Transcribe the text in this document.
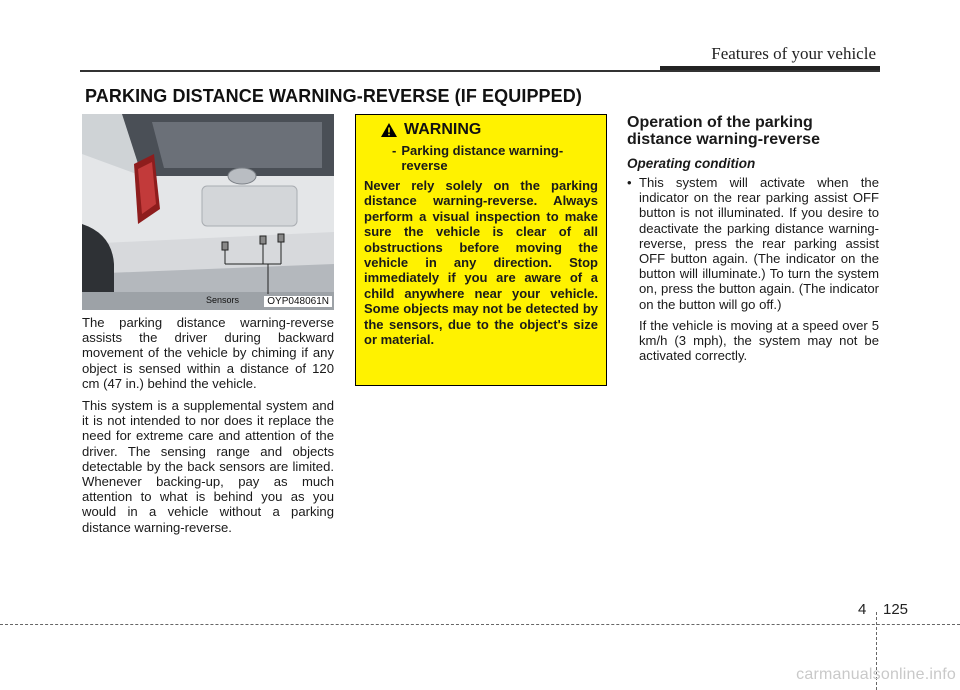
Features of your vehicle
PARKING DISTANCE WARNING-REVERSE (IF EQUIPPED)
Sensors	OYP048061N

The parking distance warning-reverse assists the driver during backward movement of the vehicle by chiming if any object is sensed within a distance of 120 cm (47 in.) behind the vehicle.

This system is a supplemental system and it is not intended to nor does it replace the need for extreme care and attention of the driver. The sensing range and objects detectable by the back sensors are limited. Whenever backing-up, pay as much attention to what is behind you as you would in a vehicle without a parking distance warning-reverse.

WARNING
- Parking distance warning-reverse
Never rely solely on the parking distance warning-reverse. Always perform a visual inspection to make sure the vehicle is clear of all obstructions before moving the vehicle in any direction. Stop immediately if you are aware of a child anywhere near your vehicle. Some objects may not be detected by the sensors, due to the object's size or material.
Operation of the parking distance warning-reverse
Operating condition
• This system will activate when the indicator on the rear parking assist OFF button is not illuminated. If you desire to deactivate the parking distance warning-reverse, press the rear parking assist OFF button again. (The indicator on the button will illuminate.) To turn the system on, press the button again. (The indicator on the button will go off.)
If the vehicle is moving at a speed over 5 km/h (3 mph), the system may not be activated correctly.
4 125
carmanualsonline.info
